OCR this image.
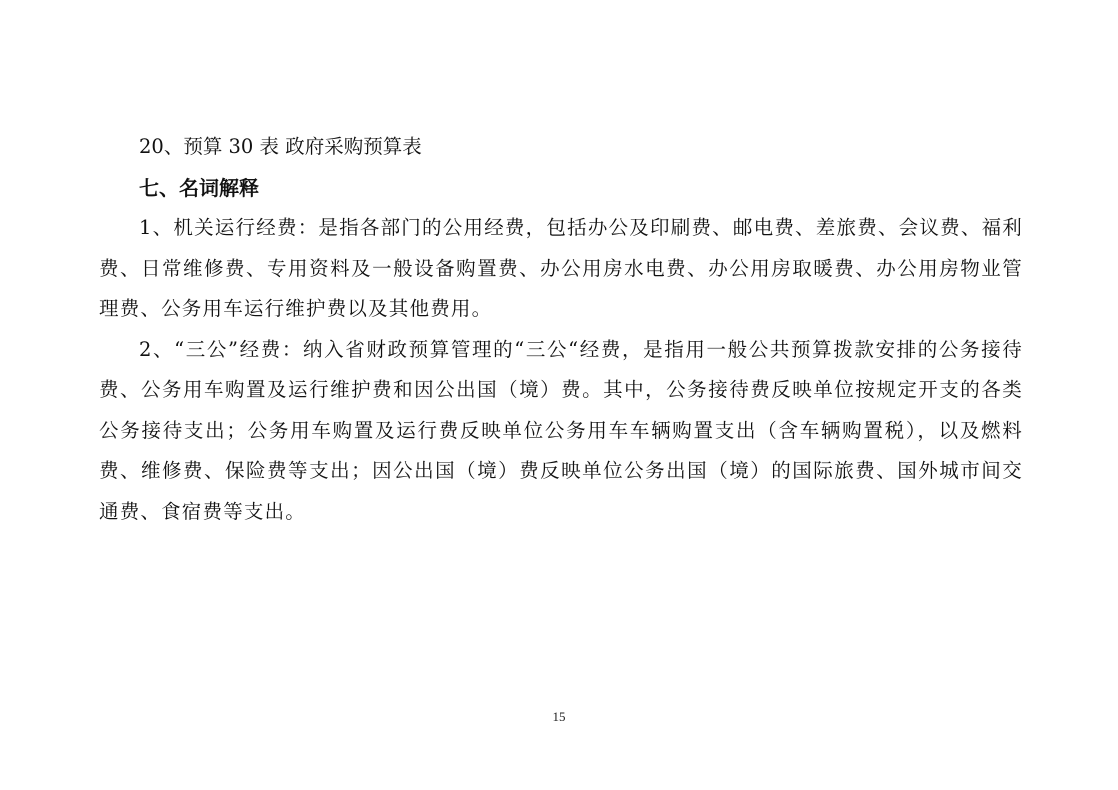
20、预算 30 表 政府采购预算表

七、名词解释

1、机关运行经费：是指各部门的公用经费，包括办公及印刷费、邮电费、差旅费、会议费、福利费、日常维修费、专用资料及一般设备购置费、办公用房水电费、办公用房取暖费、办公用房物业管理费、公务用车运行维护费以及其他费用。

2、“三公”经费：纳入省财政预算管理的“三公“经费，是指用一般公共预算拨款安排的公务接待费、公务用车购置及运行维护费和因公出国（境）费。其中，公务接待费反映单位按规定开支的各类公务接待支出；公务用车购置及运行费反映单位公务用车车辆购置支出（含车辆购置税），以及燃料费、维修费、保险费等支出；因公出国（境）费反映单位公务出国（境）的国际旅费、国外城市间交通费、食宿费等支出。

15
